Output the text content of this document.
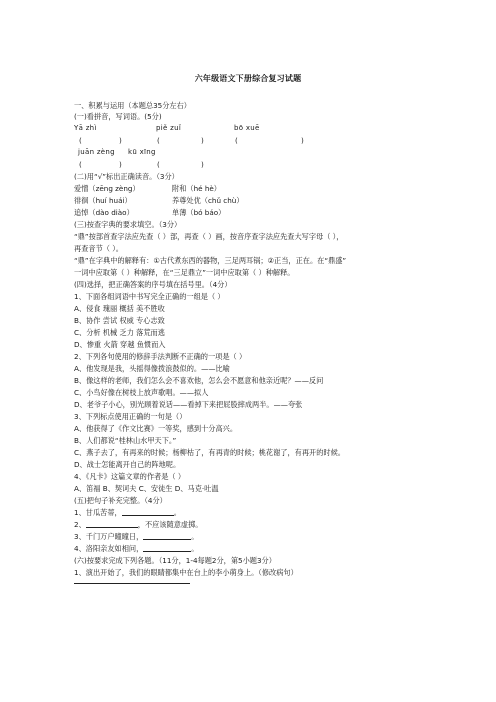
六年级语文下册综合复习试题
一、积累与运用（本题总35分左右）
(一)看拼音，写词语。(5分)
Yā zhì	piě zuǐ	bō xuē
(	)	(	)	(	)
juān zèng kū xīng
(	)	(	)
(二)用“√”标出正确读音。（3分）
爱憎（zēng zèng）	附和（hé hè）
徘徊（huí huái）	养尊处优（chǔ chù）
追悼（dào diào）	单薄（bó báo）
(三)按查字典的要求填空。（3分）
“鼎”按部首查字法应先查（ ）部，再查（ ）画，按音序查字法应先查大写字母（ ），
再查音节（ ）。
“鼎”在字典中的解释有：①古代煮东西的器物，三足两耳锅；②正当，正在。在“鼎盛”
一词中应取第（ ）种解释，在“三足鼎立”一词中应取第（ ）种解释。
(四)选择，把正确答案的序号填在括号里。（4分）
1、下面各组词语中书写完全正确的一组是（ ）
A、侵食 瑰丽 概括 美不胜收
B、协作 尝试 权威 专心志致
C、分析 机械 乏力 落荒而逃
D、惨重 火箭 穿越 鱼惯而入
2、下列各句使用的修辞手法判断不正确的一项是（ ）
A、他发现是我，头摇得像拨浪鼓似的。——比喻
B、像这样的老师，我们怎么会不喜欢他，怎么会不愿意和他亲近呢？——反问
C、小鸟好像在树枝上放声歌唱。——拟人
D、老爷子小心，别光顾着说话——看掉下来把屁股摔成两半。——夸张
3、下列标点使用正确的一句是（）
A、他获得了《作文比赛》一等奖，感到十分高兴。
B、人们都说“桂林山水甲天下。”
C、燕子去了，有再来的时候；杨柳枯了，有再青的时候；桃花谢了，有再开的时候。
D、战士怎能离开自己的阵地呢。
4、《凡卡》这篇文章的作者是（ ）
A、笛福 B、契诃夫 C、安徒生 D、马克·吐温
(五)把句子补充完整。（4分）
1、甘瓜苦蒂，	。
2、	，不应该随意虚掷。
3、千门万户曈曈日，	。
4、洛阳亲友如相问，	。
(六)按要求完成下列各题。（11分，1-4每题2分，第5小题3分）
1、演出开始了，我们的眼睛都集中在台上的李小萌身上。（修改病句）
